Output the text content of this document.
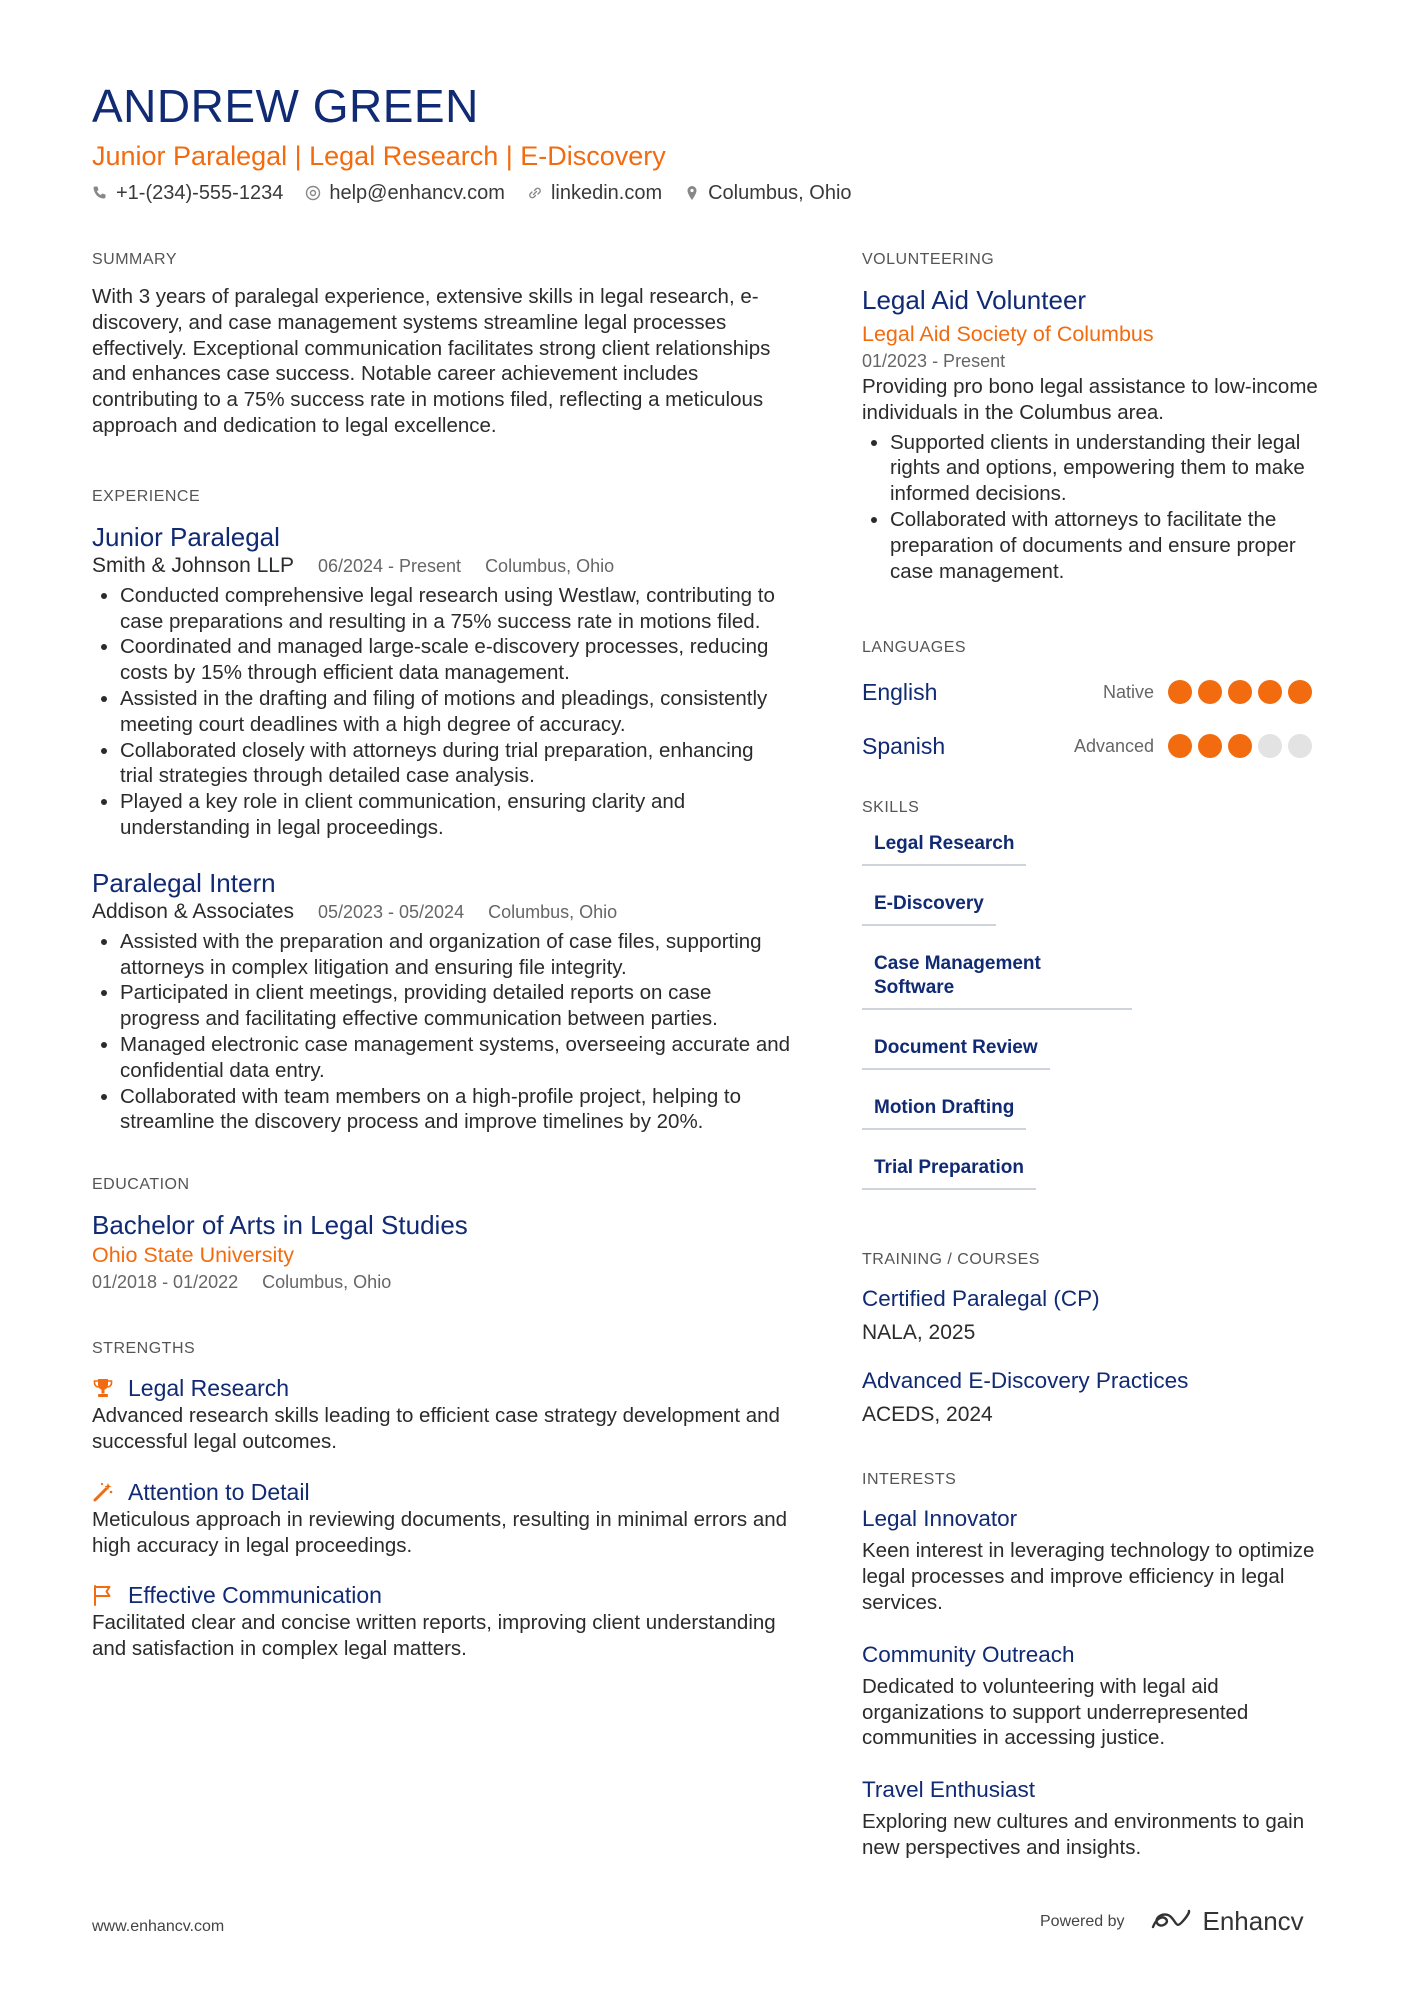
ANDREW GREEN
Junior Paralegal | Legal Research | E-Discovery
+1-(234)-555-1234 help@enhancv.com linkedin.com Columbus, Ohio
SUMMARY

With 3 years of paralegal experience, extensive skills in legal research, e-discovery, and case management systems streamline legal processes effectively. Exceptional communication facilitates strong client relationships and enhances case success. Notable career achievement includes contributing to a 75% success rate in motions filed, reflecting a meticulous approach and dedication to legal excellence.

EXPERIENCE
Junior Paralegal
Smith & Johnson LLP 06/2024 - Present Columbus, Ohio
• Conducted comprehensive legal research using Westlaw, contributing to case preparations and resulting in a 75% success rate in motions filed.
• Coordinated and managed large-scale e-discovery processes, reducing costs by 15% through efficient data management.
• Assisted in the drafting and filing of motions and pleadings, consistently meeting court deadlines with a high degree of accuracy.
• Collaborated closely with attorneys during trial preparation, enhancing trial strategies through detailed case analysis.
• Played a key role in client communication, ensuring clarity and understanding in legal proceedings.
Paralegal Intern
Addison & Associates 05/2023 - 05/2024 Columbus, Ohio
• Assisted with the preparation and organization of case files, supporting attorneys in complex litigation and ensuring file integrity.
• Participated in client meetings, providing detailed reports on case progress and facilitating effective communication between parties.
• Managed electronic case management systems, overseeing accurate and confidential data entry.
• Collaborated with team members on a high-profile project, helping to streamline the discovery process and improve timelines by 20%.
EDUCATION
Bachelor of Arts in Legal Studies
Ohio State University
01/2018 - 01/2022 Columbus, Ohio
STRENGTHS
Legal Research

Advanced research skills leading to efficient case strategy development and successful legal outcomes.

Attention to Detail

Meticulous approach in reviewing documents, resulting in minimal errors and high accuracy in legal proceedings.

Effective Communication

Facilitated clear and concise written reports, improving client understanding and satisfaction in complex legal matters.

VOLUNTEERING
Legal Aid Volunteer
Legal Aid Society of Columbus
01/2023 - Present

Providing pro bono legal assistance to low-income individuals in the Columbus area.

• Supported clients in understanding their legal rights and options, empowering them to make informed decisions.
• Collaborated with attorneys to facilitate the preparation of documents and ensure proper case management.
LANGUAGES
English	Native
Spanish	Advanced
SKILLS
Legal Research
E-Discovery
Case Management Software
Document Review
Motion Drafting
Trial Preparation
TRAINING / COURSES
Certified Paralegal (CP)
NALA, 2025
Advanced E-Discovery Practices
ACEDS, 2024
INTERESTS
Legal Innovator

Keen interest in leveraging technology to optimize legal processes and improve efficiency in legal services.

Community Outreach

Dedicated to volunteering with legal aid organizations to support underrepresented communities in accessing justice.

Travel Enthusiast

Exploring new cultures and environments to gain new perspectives and insights.

www.enhancv.com	Powered by	Enhancv
